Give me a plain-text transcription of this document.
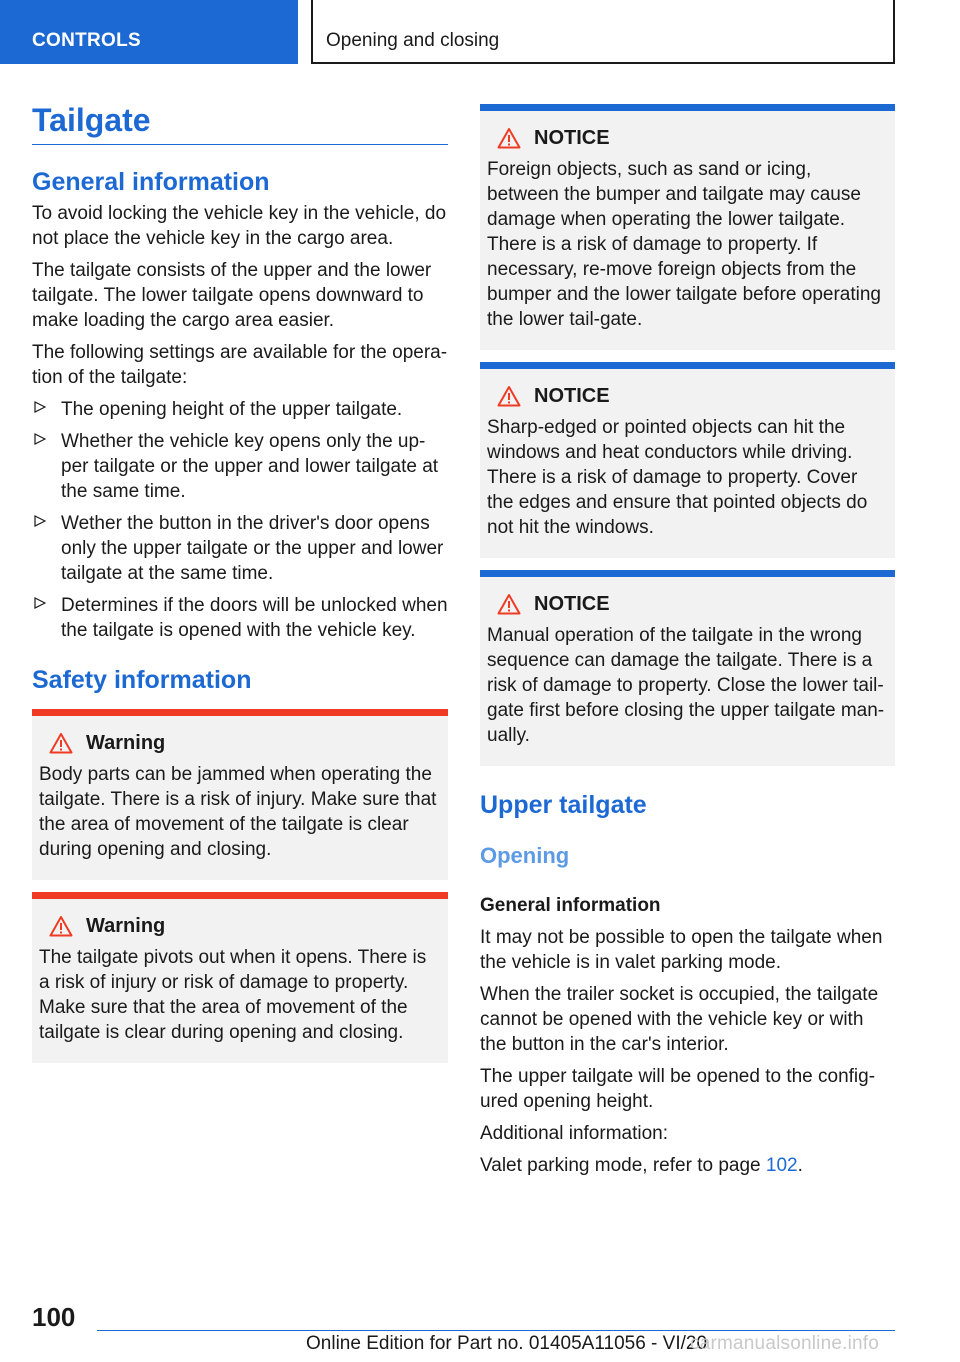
CONTROLS	Opening and closing
Tailgate
General information

To avoid locking the vehicle key in the vehicle, do not place the vehicle key in the cargo area.

The tailgate consists of the upper and the lower tailgate. The lower tailgate opens downward to make loading the cargo area easier.

The following settings are available for the opera-tion of the tailgate:

The opening height of the upper tailgate.
Whether the vehicle key opens only the up-per tailgate or the upper and lower tailgate at the same time.
Wether the button in the driver's door opens only the upper tailgate or the upper and lower tailgate at the same time.
Determines if the doors will be unlocked when the tailgate is opened with the vehicle key.
Safety information
Warning

Body parts can be jammed when operating the tailgate. There is a risk of injury. Make sure that the area of movement of the tailgate is clear during opening and closing.

Warning

The tailgate pivots out when it opens. There is a risk of injury or risk of damage to property. Make sure that the area of movement of the tailgate is clear during opening and closing.

NOTICE

Foreign objects, such as sand or icing, between the bumper and tailgate may cause damage when operating the lower tailgate. There is a risk of damage to property. If necessary, re-move foreign objects from the bumper and the lower tailgate before operating the lower tail-gate.

NOTICE

Sharp-edged or pointed objects can hit the windows and heat conductors while driving. There is a risk of damage to property. Cover the edges and ensure that pointed objects do not hit the windows.

NOTICE

Manual operation of the tailgate in the wrong sequence can damage the tailgate. There is a risk of damage to property. Close the lower tail-gate first before closing the upper tailgate man-ually.

Upper tailgate
Opening
General information

It may not be possible to open the tailgate when the vehicle is in valet parking mode.

When the trailer socket is occupied, the tailgate cannot be opened with the vehicle key or with the button in the car's interior.

The upper tailgate will be opened to the config-ured opening height.

Additional information:

Valet parking mode, refer to page 102.

100
Online Edition for Part no. 01405A11056 - VI/20
carmanualsonline.info
